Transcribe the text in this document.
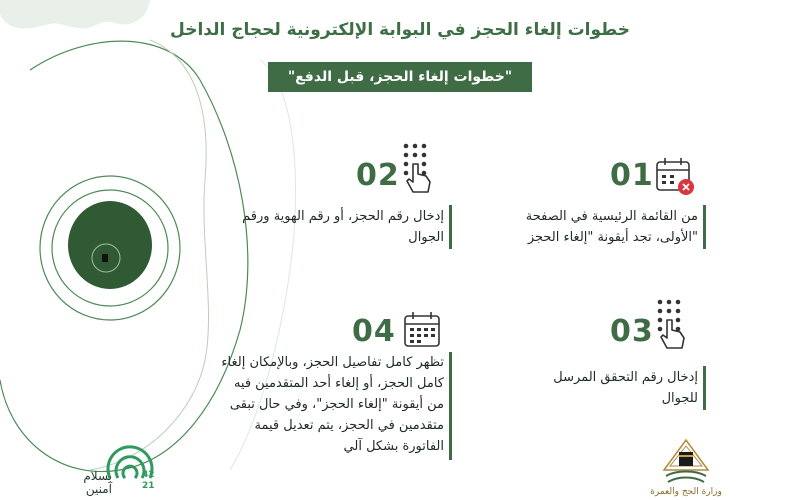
خطوات إلغاء الحجز في البوابة الإلكترونية لحجاج الداخل
"خطوات إلغاء الحجز، قبل الدفع"
01
من القائمة الرئيسية في الصفحة
"الأولى، تجد أيقونة "إلغاء الحجز
02
إدخال رقم الحجز، أو رقم الهوية ورقم
الجوال
03
إدخال رقم التحقق المرسل
للجوال
04
تظهر كامل تفاصيل الحجز، وبالإمكان إلغاء
كامل الحجز، أو إلغاء أحد المتقدمين فيه
من أيقونة "إلغاء الحجز"، وفي حال تبقى
متقدمين في الحجز، يتم تعديل قيمة
الفاتورة بشكل آلي
بسلام
آمنين
42
21
وزارة الحج والعمرة
